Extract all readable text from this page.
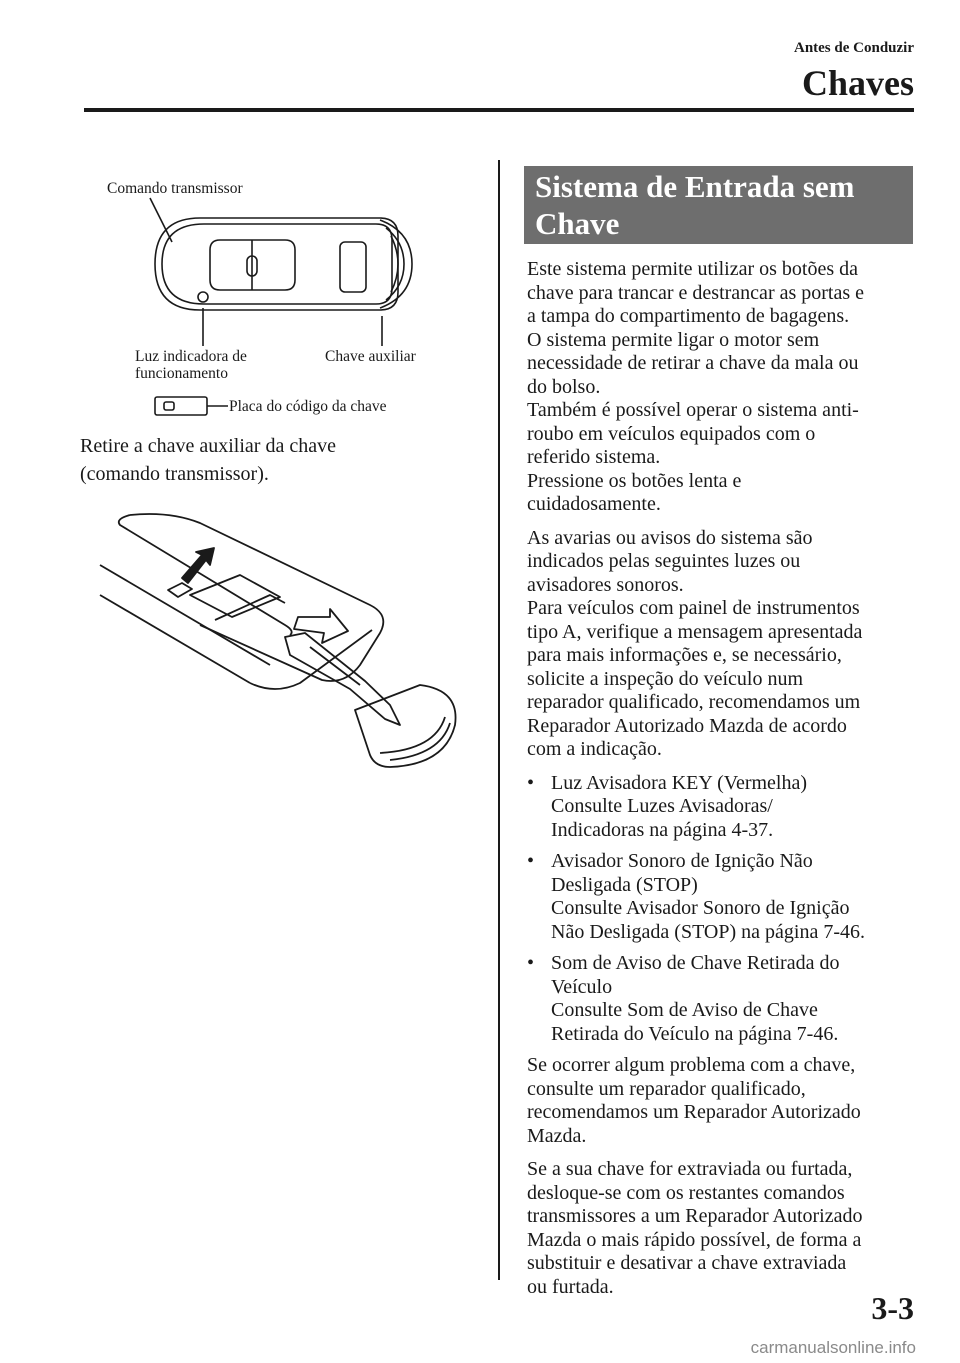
Antes de Conduzir
Chaves
Comando transmissor
Luz indicadora de
funcionamento
Chave auxiliar
Placa do código da chave
Retire a chave auxiliar da chave
(comando transmissor).
Sistema de Entrada sem
Chave

Este sistema permite utilizar os botões da
chave para trancar e destrancar as portas e
a tampa do compartimento de bagagens.
O sistema permite ligar o motor sem
necessidade de retirar a chave da mala ou
do bolso.
Também é possível operar o sistema anti-
roubo em veículos equipados com o
referido sistema.
Pressione os botões lenta e
cuidadosamente.

As avarias ou avisos do sistema são
indicados pelas seguintes luzes ou
avisadores sonoros.
Para veículos com painel de instrumentos
tipo A, verifique a mensagem apresentada
para mais informações e, se necessário,
solicite a inspeção do veículo num
reparador qualificado, recomendamos um
Reparador Autorizado Mazda de acordo
com a indicação.

• Luz Avisadora KEY (Vermelha)
Consulte Luzes Avisadoras/
Indicadoras na página 4-37.
• Avisador Sonoro de Ignição Não
Desligada (STOP)
Consulte Avisador Sonoro de Ignição
Não Desligada (STOP) na página 7-46.
• Som de Aviso de Chave Retirada do
Veículo
Consulte Som de Aviso de Chave
Retirada do Veículo na página 7-46.

Se ocorrer algum problema com a chave,
consulte um reparador qualificado,
recomendamos um Reparador Autorizado
Mazda.

Se a sua chave for extraviada ou furtada,
desloque-se com os restantes comandos
transmissores a um Reparador Autorizado
Mazda o mais rápido possível, de forma a
substituir e desativar a chave extraviada
ou furtada.

3-3
carmanualsonline.info
